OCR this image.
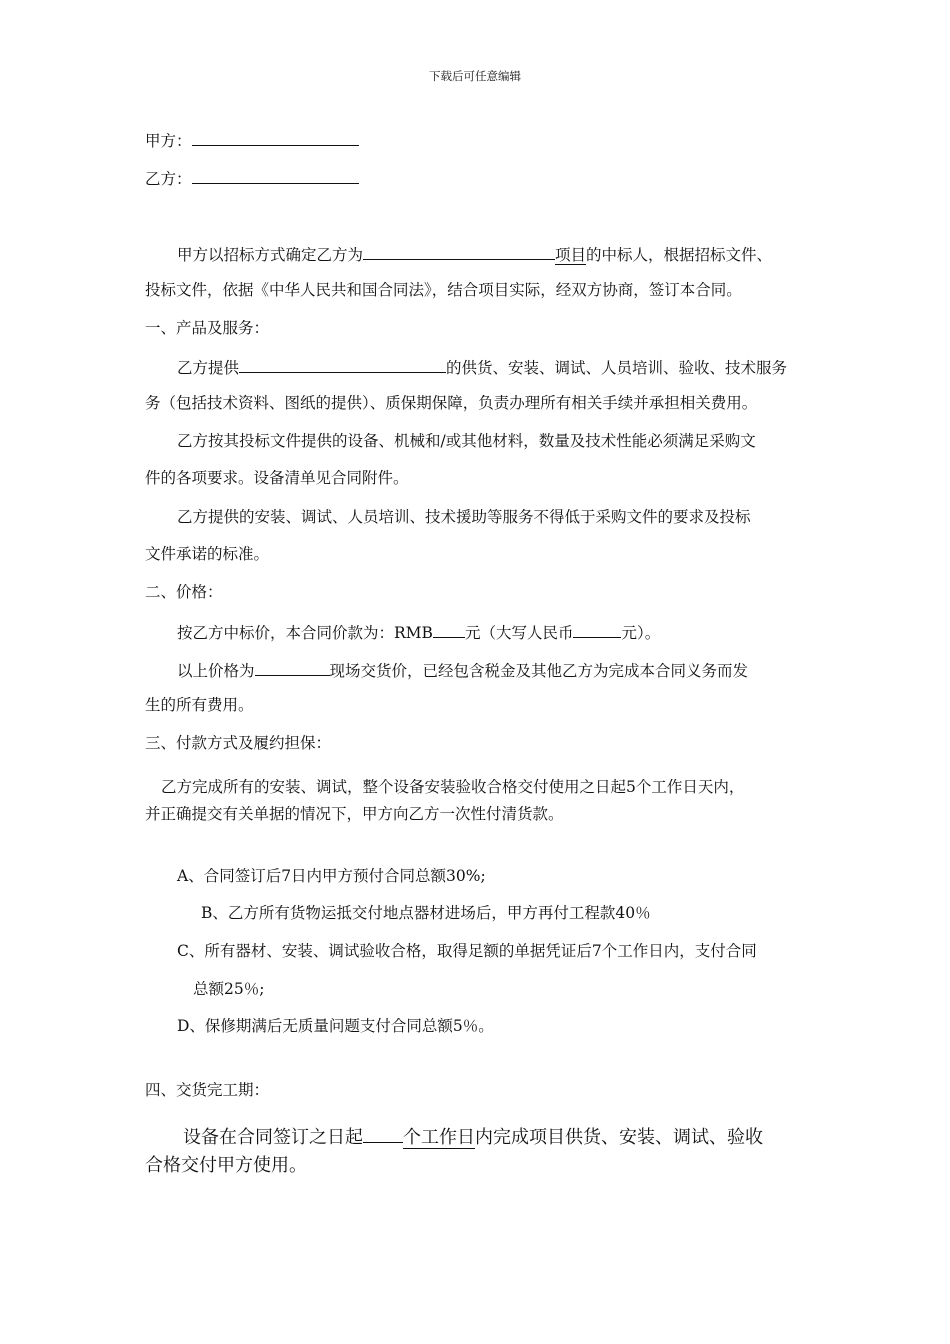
下载后可任意编辑
甲方：
乙方：
甲方以招标方式确定乙方为	项目的中标人，根据招标文件、
投标文件，依据《中华人民共和国合同法》，结合项目实际，经双方协商，签订本合同。
一、产品及服务：
乙方提供	的供货、安装、调试、人员培训、验收、技术服务
务（包括技术资料、图纸的提供）、质保期保障，负责办理所有相关手续并承担相关费用。
乙方按其投标文件提供的设备、机械和/或其他材料，数量及技术性能必须满足采购文
件的各项要求。设备清单见合同附件。
乙方提供的安装、调试、人员培训、技术援助等服务不得低于采购文件的要求及投标
文件承诺的标准。
二、价格：
按乙方中标价，本合同价款为：RMB 元（大写人民币	元）。
以上价格为	现场交货价，已经包含税金及其他乙方为完成本合同义务而发
生的所有费用。
三、付款方式及履约担保：
乙方完成所有的安装、调试，整个设备安装验收合格交付使用之日起5个工作日天内，
并正确提交有关单据的情况下，甲方向乙方一次性付清货款。
A、合同签订后7日内甲方预付合同总额30%;
B、乙方所有货物运抵交付地点器材进场后，甲方再付工程款40％
C、所有器材、安装、调试验收合格，取得足额的单据凭证后7个工作日内，支付合同
总额25％;
D、保修期满后无质量问题支付合同总额5％。
四、交货完工期：
设备在合同签订之日起 个工作日内完成项目供货、安装、调试、验收
合格交付甲方使用。
